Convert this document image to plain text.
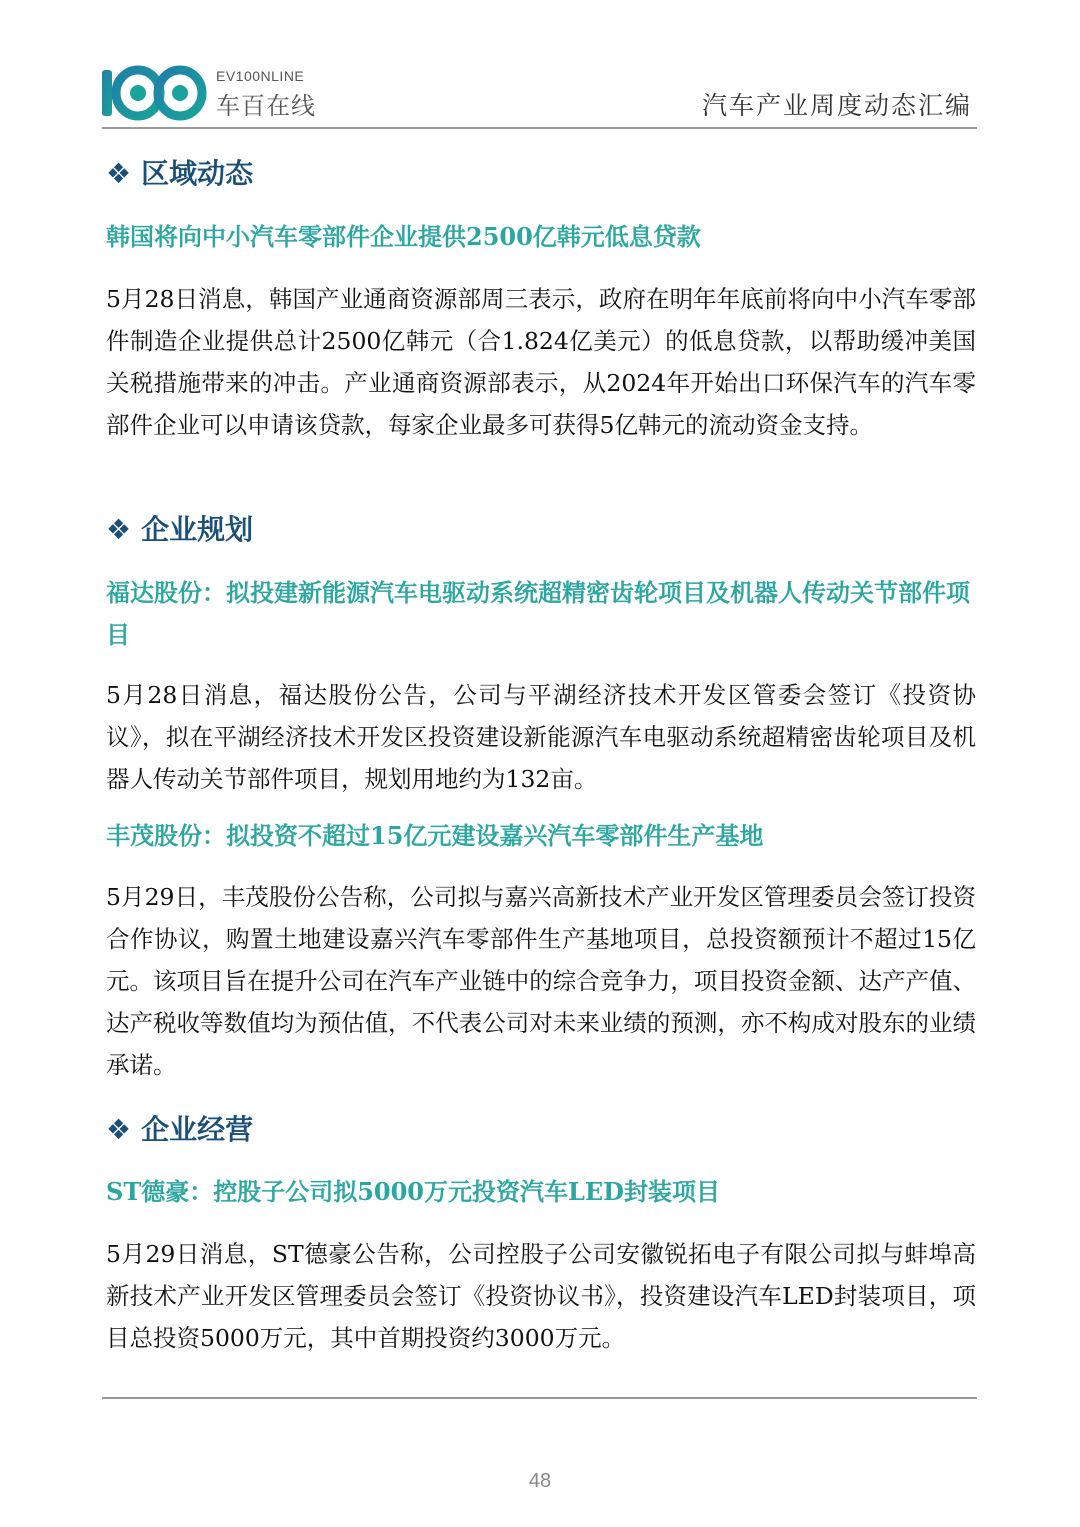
EV100NLINE
车百在线	汽车产业周度动态汇编
❖ 区域动态
韩国将向中小汽车零部件企业提供2500亿韩元低息贷款
5月28日消息，韩国产业通商资源部周三表示，政府在明年年底前将向中小汽车零部件制造企业提供总计2500亿韩元（合1.824亿美元）的低息贷款，以帮助缓冲美国关税措施带来的冲击。产业通商资源部表示，从2024年开始出口环保汽车的汽车零部件企业可以申请该贷款，每家企业最多可获得5亿韩元的流动资金支持。
❖ 企业规划
福达股份：拟投建新能源汽车电驱动系统超精密齿轮项目及机器人传动关节部件项目
5月28日消息，福达股份公告，公司与平湖经济技术开发区管委会签订《投资协议》，拟在平湖经济技术开发区投资建设新能源汽车电驱动系统超精密齿轮项目及机器人传动关节部件项目，规划用地约为132亩。
丰茂股份：拟投资不超过15亿元建设嘉兴汽车零部件生产基地
5月29日，丰茂股份公告称，公司拟与嘉兴高新技术产业开发区管理委员会签订投资合作协议，购置土地建设嘉兴汽车零部件生产基地项目，总投资额预计不超过15亿元。该项目旨在提升公司在汽车产业链中的综合竞争力，项目投资金额、达产产值、达产税收等数值均为预估值，不代表公司对未来业绩的预测，亦不构成对股东的业绩承诺。
❖ 企业经营
ST德豪：控股子公司拟5000万元投资汽车LED封装项目
5月29日消息，ST德豪公告称，公司控股子公司安徽锐拓电子有限公司拟与蚌埠高新技术产业开发区管理委员会签订《投资协议书》，投资建设汽车LED封装项目，项目总投资5000万元，其中首期投资约3000万元。
48
